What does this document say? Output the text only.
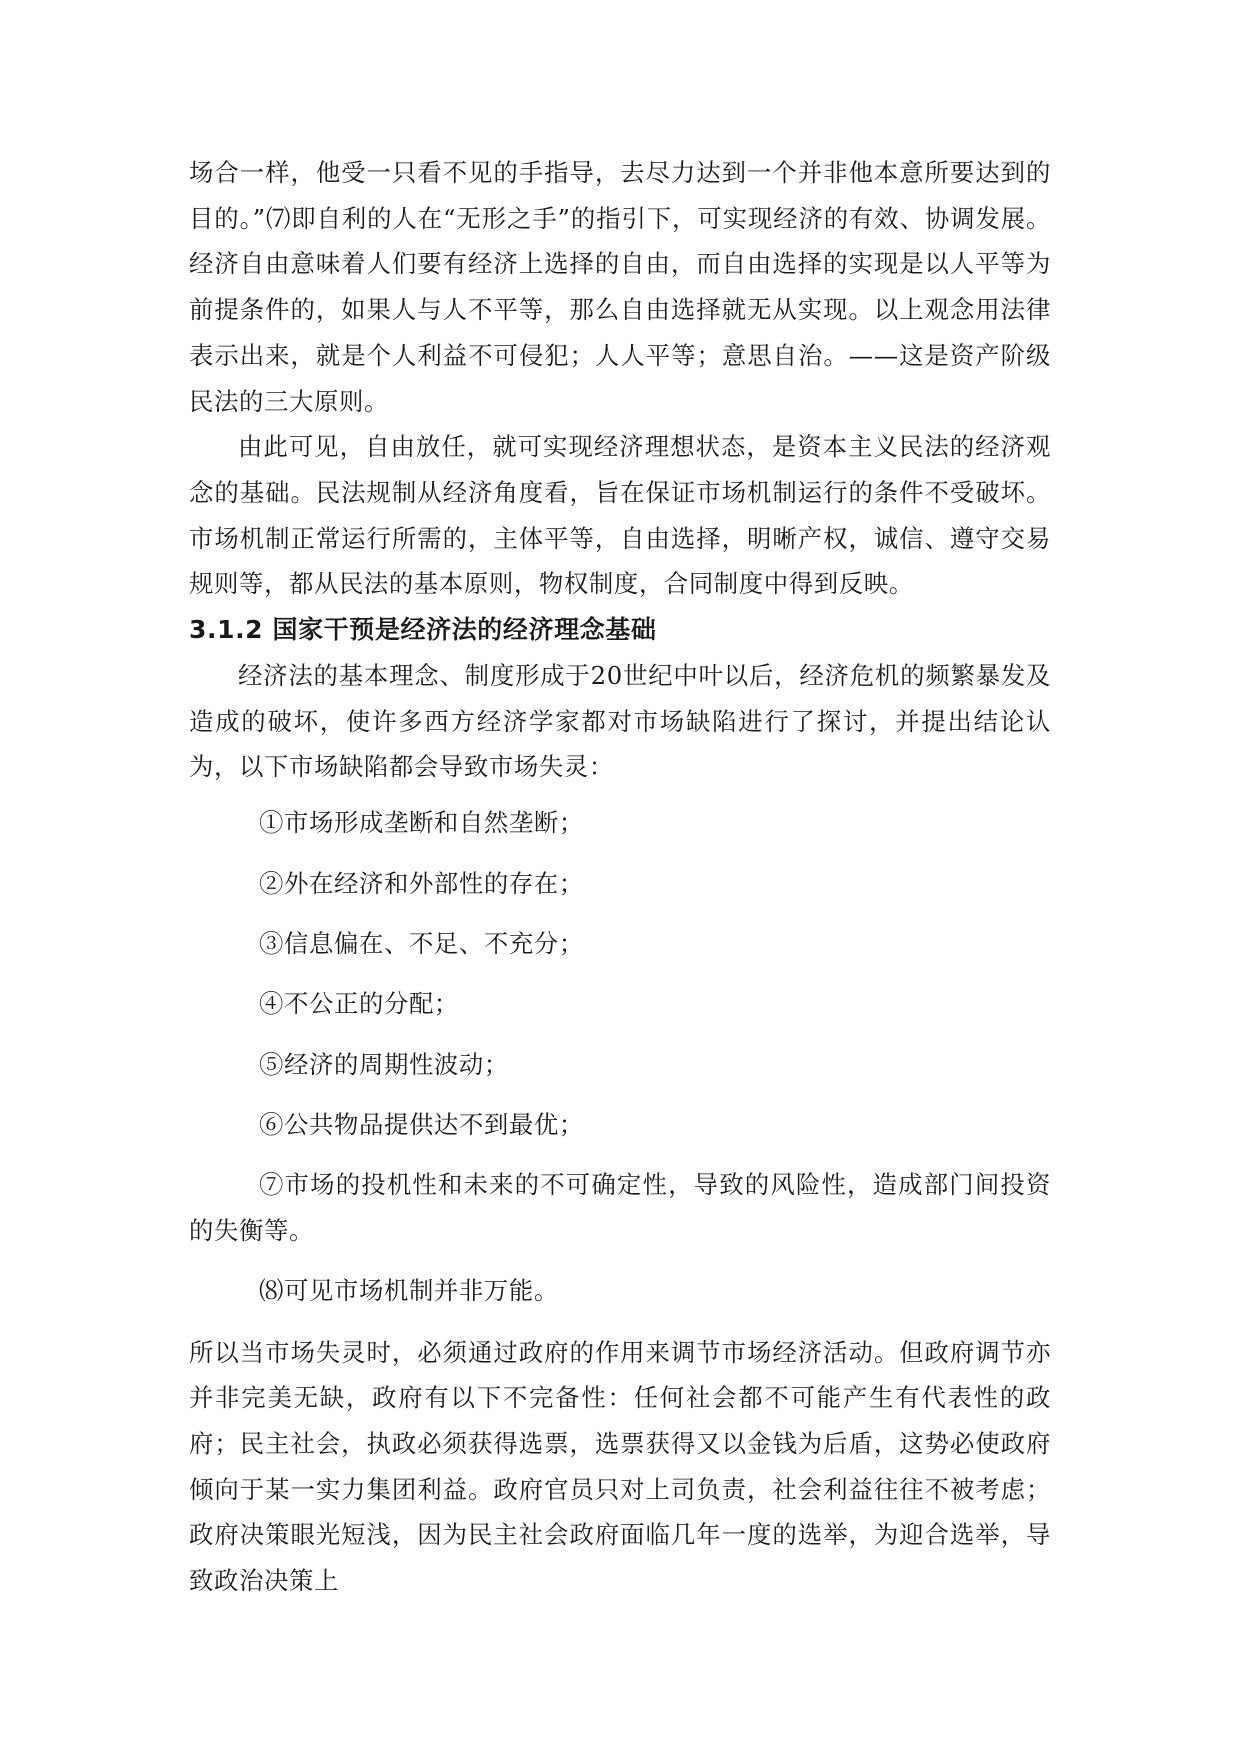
场合一样，他受一只看不见的手指导，去尽力达到一个并非他本意所要达到的目的。”⑺即自利的人在“无形之手”的指引下，可实现经济的有效、协调发展。经济自由意味着人们要有经济上选择的自由，而自由选择的实现是以人平等为前提条件的，如果人与人不平等，那么自由选择就无从实现。以上观念用法律表示出来，就是个人利益不可侵犯；人人平等；意思自治。——这是资产阶级民法的三大原则。

由此可见，自由放任，就可实现经济理想状态，是资本主义民法的经济观念的基础。民法规制从经济角度看，旨在保证市场机制运行的条件不受破坏。市场机制正常运行所需的，主体平等，自由选择，明晰产权，诚信、遵守交易规则等，都从民法的基本原则，物权制度，合同制度中得到反映。

3.1.2 国家干预是经济法的经济理念基础

经济法的基本理念、制度形成于20世纪中叶以后，经济危机的频繁暴发及造成的破坏，使许多西方经济学家都对市场缺陷进行了探讨，并提出结论认为，以下市场缺陷都会导致市场失灵：

①市场形成垄断和自然垄断；
②外在经济和外部性的存在；
③信息偏在、不足、不充分；
④不公正的分配；
⑤经济的周期性波动；
⑥公共物品提供达不到最优；
⑦市场的投机性和未来的不可确定性，导致的风险性，造成部门间投资的失衡等。

⑻可见市场机制并非万能。

所以当市场失灵时，必须通过政府的作用来调节市场经济活动。但政府调节亦并非完美无缺，政府有以下不完备性：任何社会都不可能产生有代表性的政府；民主社会，执政必须获得选票，选票获得又以金钱为后盾，这势必使政府倾向于某一实力集团利益。政府官员只对上司负责，社会利益往往不被考虑；政府决策眼光短浅，因为民主社会政府面临几年一度的选举，为迎合选举，导致政治决策上
